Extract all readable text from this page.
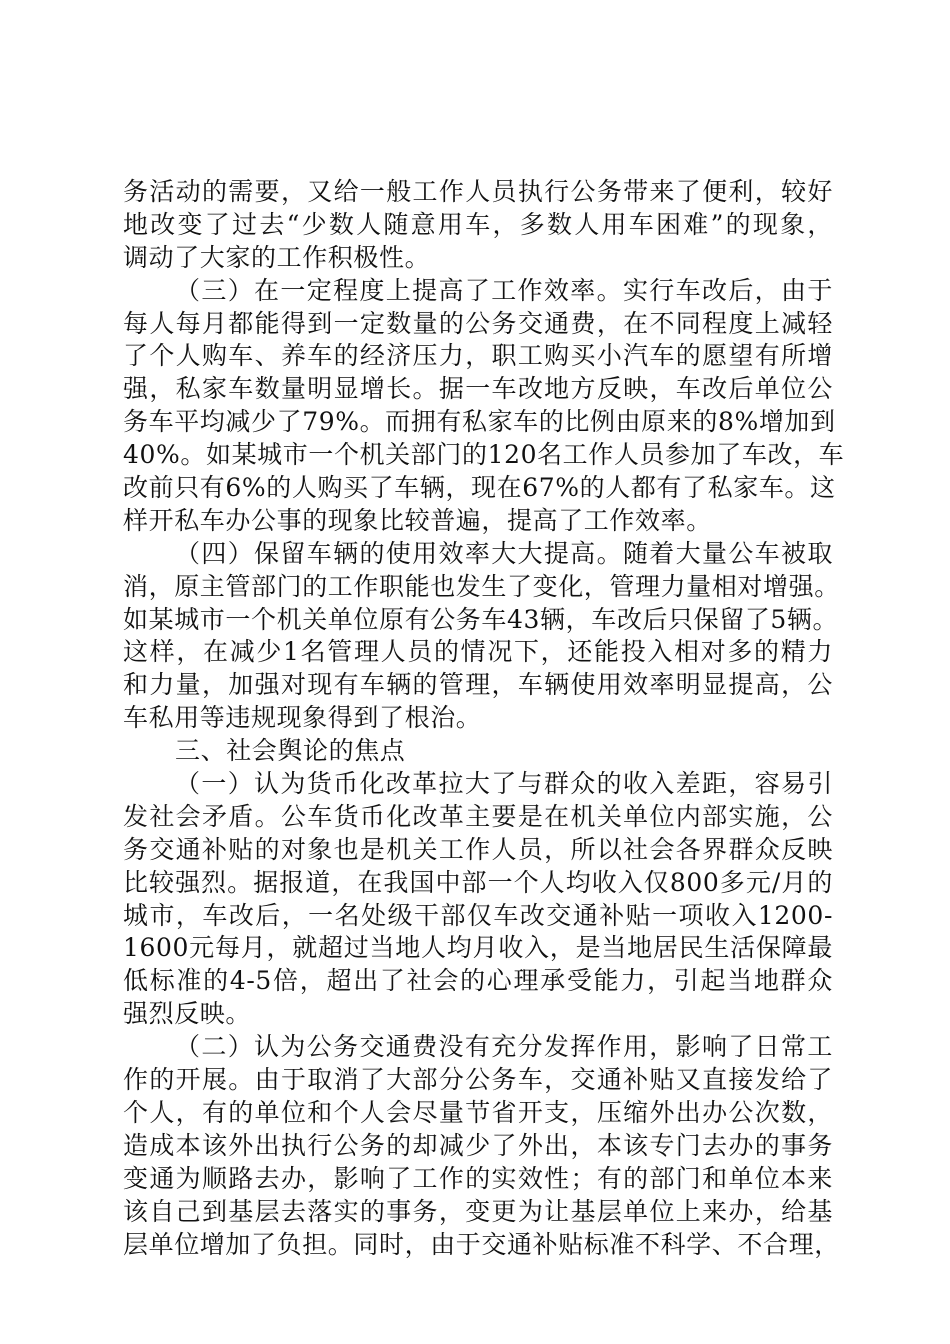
务活动的需要，又给一般工作人员执行公务带来了便利，较好
地改变了过去“少数人随意用车，多数人用车困难”的现象，
调动了大家的工作积极性。
（三）在一定程度上提高了工作效率。实行车改后，由于
每人每月都能得到一定数量的公务交通费，在不同程度上减轻
了个人购车、养车的经济压力，职工购买小汽车的愿望有所增
强，私家车数量明显增长。据一车改地方反映，车改后单位公
务车平均减少了79%。而拥有私家车的比例由原来的8%增加到
40%。如某城市一个机关部门的120名工作人员参加了车改，车
改前只有6%的人购买了车辆，现在67%的人都有了私家车。这
样开私车办公事的现象比较普遍，提高了工作效率。
（四）保留车辆的使用效率大大提高。随着大量公车被取
消，原主管部门的工作职能也发生了变化，管理力量相对增强。
如某城市一个机关单位原有公务车43辆，车改后只保留了5辆。
这样，在减少1名管理人员的情况下，还能投入相对多的精力
和力量，加强对现有车辆的管理，车辆使用效率明显提高，公
车私用等违规现象得到了根治。
三、社会舆论的焦点
（一）认为货币化改革拉大了与群众的收入差距，容易引
发社会矛盾。公车货币化改革主要是在机关单位内部实施，公
务交通补贴的对象也是机关工作人员，所以社会各界群众反映
比较强烈。据报道，在我国中部一个人均收入仅800多元/月的
城市，车改后，一名处级干部仅车改交通补贴一项收入1200-
1600元每月，就超过当地人均月收入，是当地居民生活保障最
低标准的4-5倍，超出了社会的心理承受能力，引起当地群众
强烈反映。
（二）认为公务交通费没有充分发挥作用，影响了日常工
作的开展。由于取消了大部分公务车，交通补贴又直接发给了
个人，有的单位和个人会尽量节省开支，压缩外出办公次数，
造成本该外出执行公务的却减少了外出，本该专门去办的事务
变通为顺路去办，影响了工作的实效性；有的部门和单位本来
该自己到基层去落实的事务，变更为让基层单位上来办，给基
层单位增加了负担。同时，由于交通补贴标准不科学、不合理，
